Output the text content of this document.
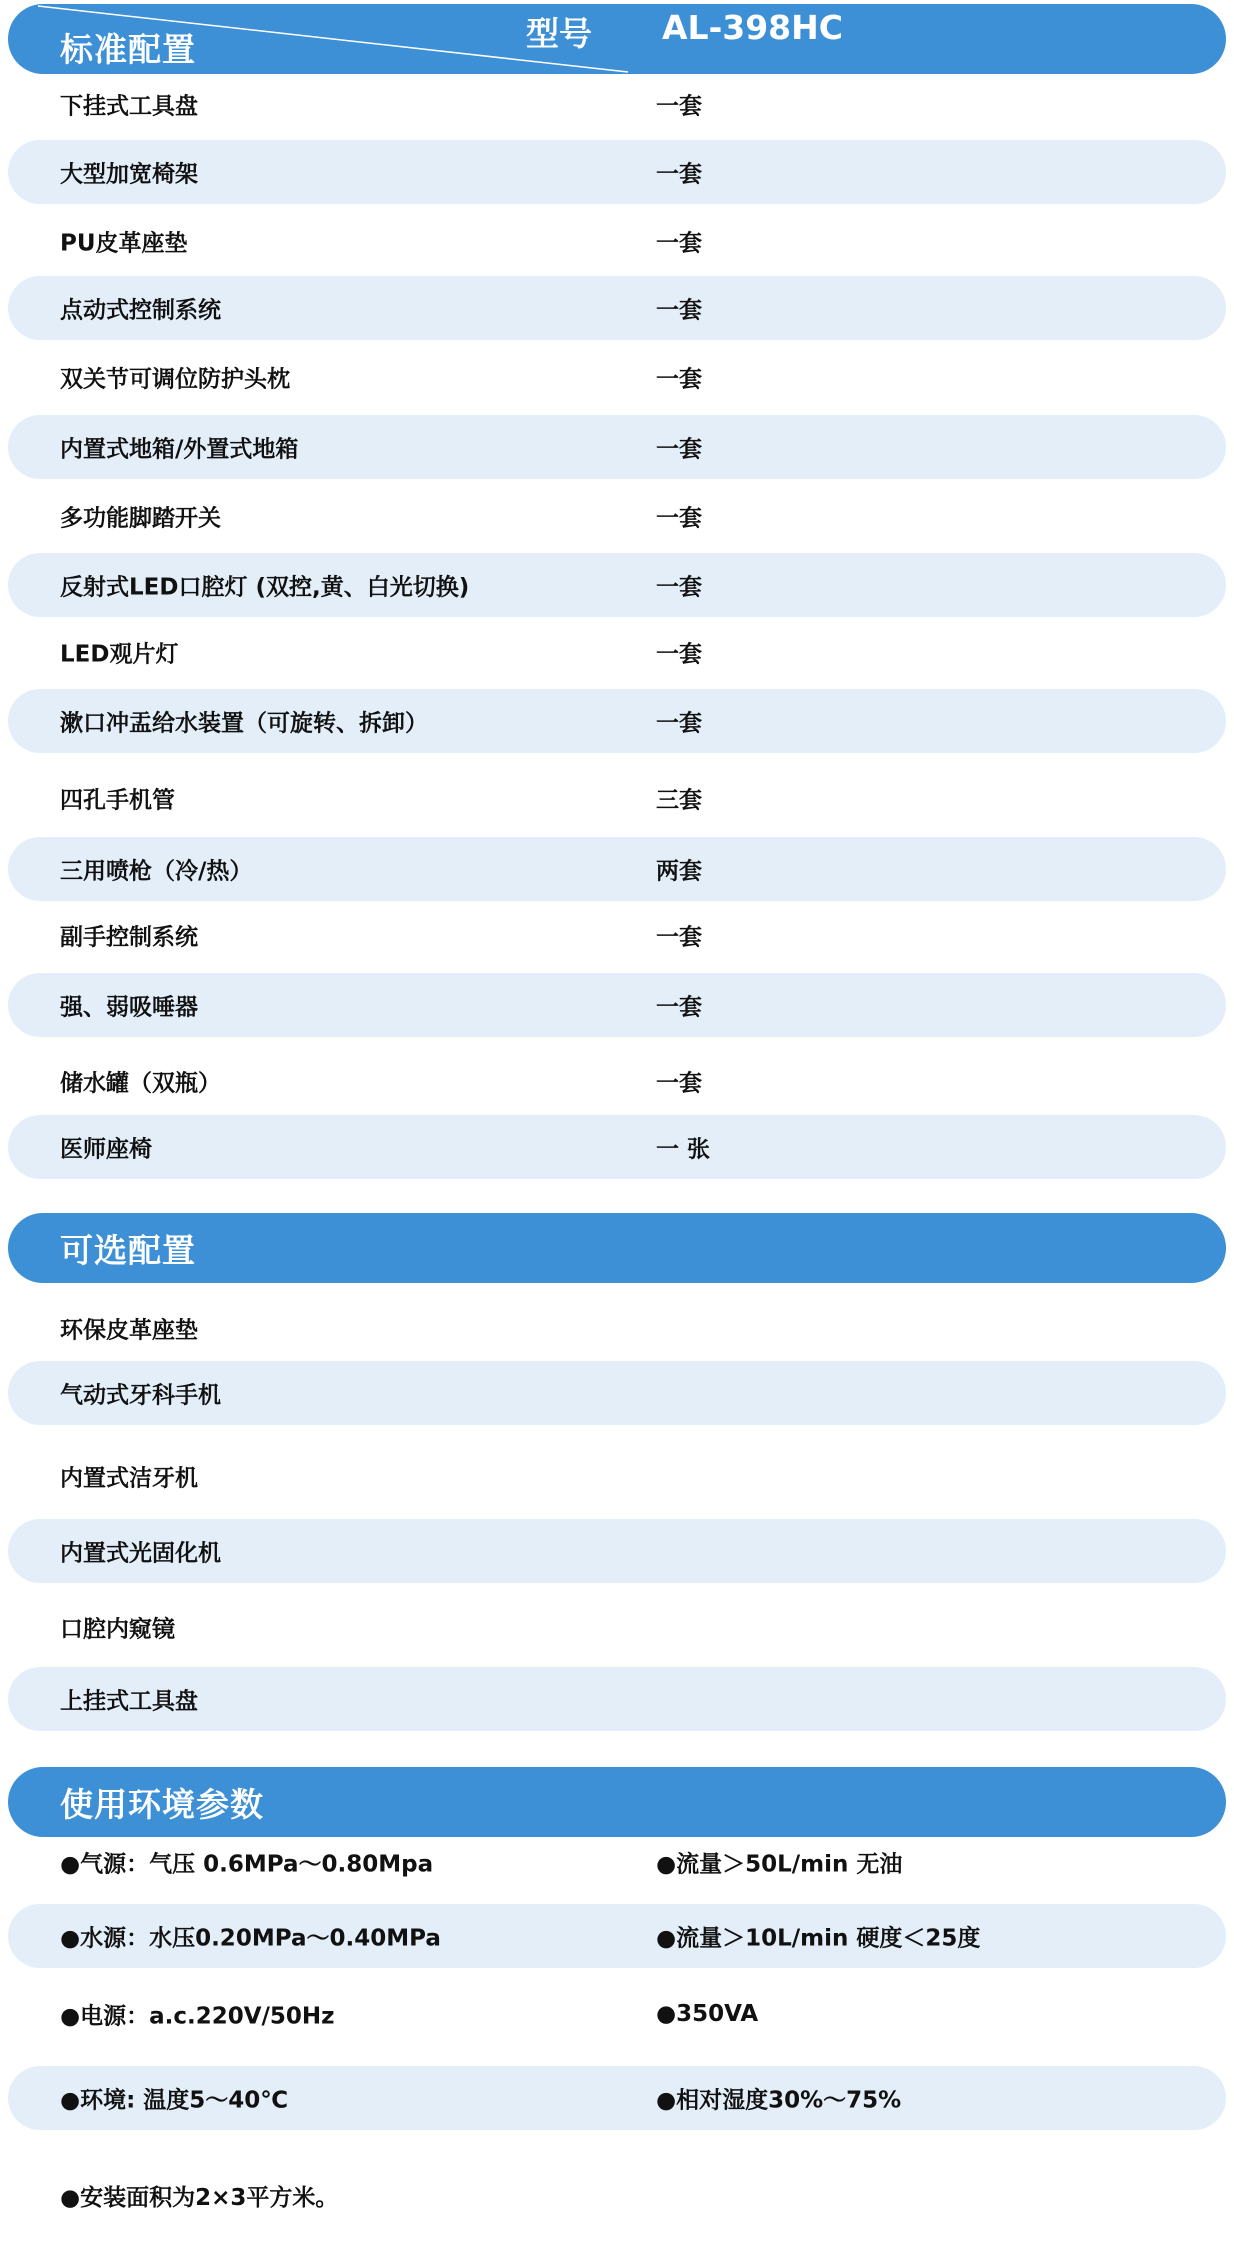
标准配置	型号 AL-398HC
下挂式工具盘	一套
大型加宽椅架	一套
PU皮革座垫	一套
点动式控制系统	一套
双关节可调位防护头枕	一套
内置式地箱/外置式地箱	一套
多功能脚踏开关	一套
反射式LED口腔灯 (双控,黄、白光切换)	一套
LED观片灯	一套
漱口冲盂给水装置（可旋转、拆卸）	一套
四孔手机管	三套
三用喷枪（冷/热）	两套
副手控制系统	一套
强、弱吸唾器	一套
储水罐（双瓶）	一套
医师座椅	一 张
可选配置
环保皮革座垫
气动式牙科手机
内置式洁牙机
内置式光固化机
口腔内窥镜
上挂式工具盘
使用环境参数
●气源：气压 0.6MPa～0.80Mpa	●流量＞50L/min 无油
●水源：水压0.20MPa～0.40MPa	●流量＞10L/min 硬度＜25度
●电源：a.c.220V/50Hz	●350VA
●环境: 温度5～40℃	●相对湿度30%～75%
●安装面积为2×3平方米。
